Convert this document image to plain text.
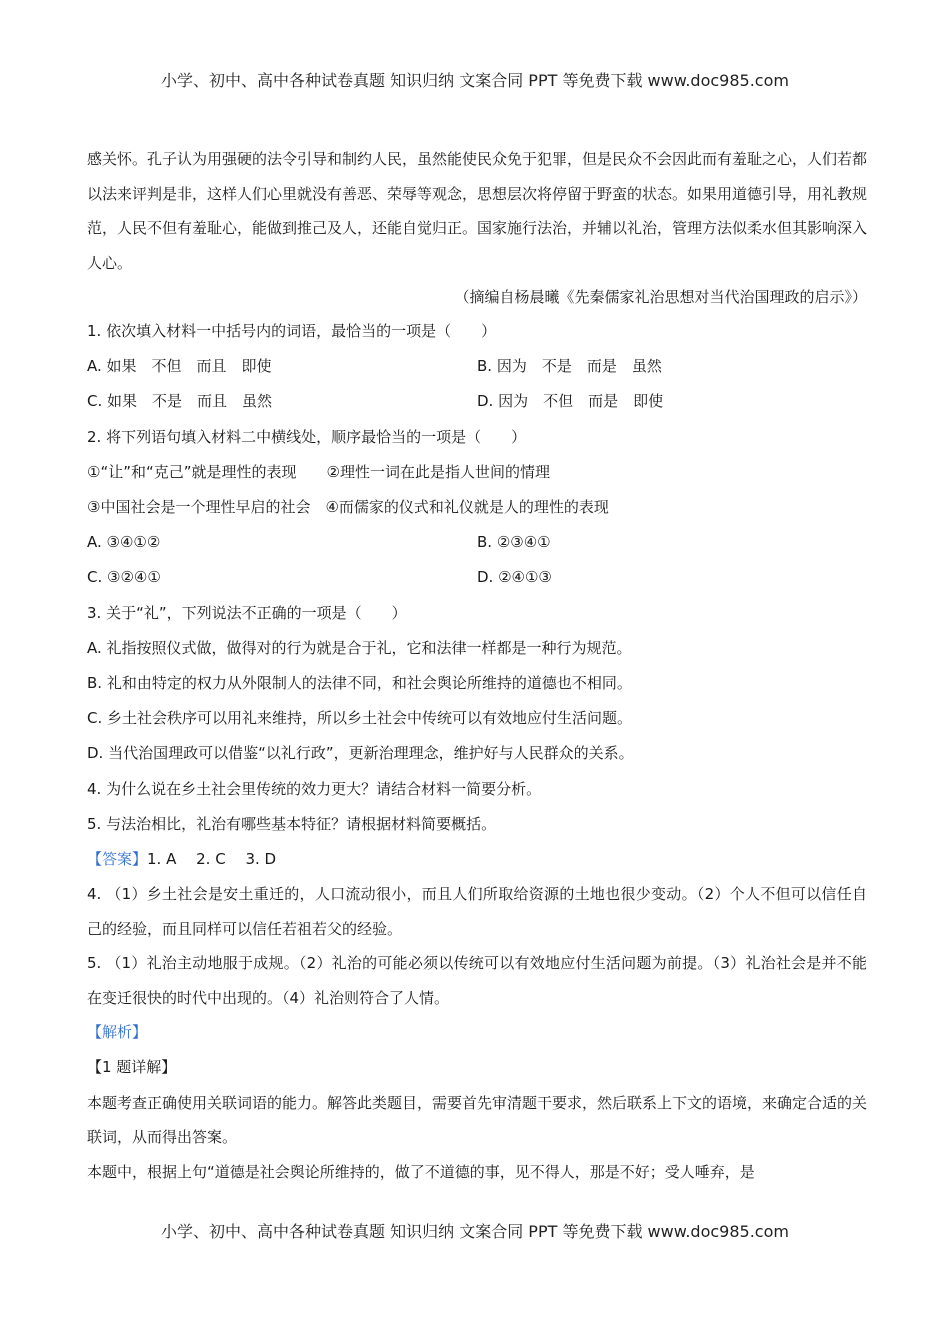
小学、初中、高中各种试卷真题 知识归纳 文案合同 PPT 等免费下载 www.doc985.com

感关怀。孔子认为用强硬的法令引导和制约人民，虽然能使民众免于犯罪，但是民众不会因此而有羞耻之心，人们若都以法来评判是非，这样人们心里就没有善恶、荣辱等观念，思想层次将停留于野蛮的状态。如果用道德引导，用礼教规范，人民不但有羞耻心，能做到推己及人，还能自觉归正。国家施行法治，并辅以礼治，管理方法似柔水但其影响深入人心。

（摘编自杨晨曦《先秦儒家礼治思想对当代治国理政的启示》）

1. 依次填入材料一中括号内的词语，最恰当的一项是（　　）

A. 如果　不但　而且　即使	B. 因为　不是　而是　虽然
C. 如果　不是　而且　虽然	D. 因为　不但　而是　即使

2. 将下列语句填入材料二中横线处，顺序最恰当的一项是（　　）

①“让”和“克己”就是理性的表现　　②理性一词在此是指人世间的情理

③中国社会是一个理性早启的社会　④而儒家的仪式和礼仪就是人的理性的表现

A. ③④①②	B. ②③④①
C. ③②④①	D. ②④①③

3. 关于“礼”，下列说法不正确的一项是（　　）

A. 礼指按照仪式做，做得对的行为就是合于礼，它和法律一样都是一种行为规范。

B. 礼和由特定的权力从外限制人的法律不同，和社会舆论所维持的道德也不相同。

C. 乡土社会秩序可以用礼来维持，所以乡土社会中传统可以有效地应付生活问题。

D. 当代治国理政可以借鉴“以礼行政”，更新治理理念，维护好与人民群众的关系。

4. 为什么说在乡土社会里传统的效力更大？请结合材料一简要分析。

5. 与法治相比，礼治有哪些基本特征？请根据材料简要概括。

【答案】1. A　 2. C　 3. D

4. （1）乡土社会是安土重迁的，人口流动很小，而且人们所取给资源的土地也很少变动。（2）个人不但可以信任自己的经验，而且同样可以信任若祖若父的经验。

5. （1）礼治主动地服于成规。（2）礼治的可能必须以传统可以有效地应付生活问题为前提。（3）礼治社会是并不能在变迁很快的时代中出现的。（4）礼治则符合了人情。

【解析】

【1 题详解】

本题考查正确使用关联词语的能力。解答此类题目，需要首先审清题干要求，然后联系上下文的语境，来确定合适的关联词，从而得出答案。

本题中，根据上句“道德是社会舆论所维持的，做了不道德的事，见不得人，那是不好；受人唾弃，是

小学、初中、高中各种试卷真题 知识归纳 文案合同 PPT 等免费下载 www.doc985.com
